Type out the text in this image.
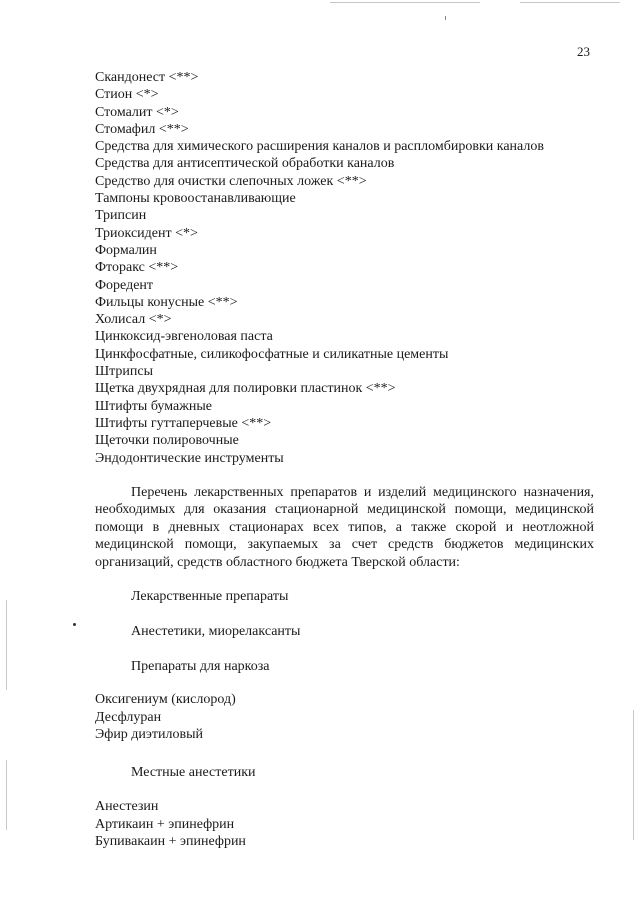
23
Скандонест <**>
Стион <*>
Стомалит <*>
Стомафил <**>
Средства для химического расширения каналов и распломбировки каналов
Средства для антисептической обработки каналов
Средство для очистки слепочных ложек <**>
Тампоны кровоостанавливающие
Трипсин
Триоксидент <*>
Формалин
Фторакс <**>
Форедент
Фильцы конусные <**>
Холисал <*>
Цинкоксид-эвгеноловая паста
Цинкфосфатные, силикофосфатные и силикатные цементы
Штрипсы
Щетка двухрядная для полировки пластинок <**>
Штифты бумажные
Штифты гуттаперчевые <**>
Щеточки полировочные
Эндодонтические инструменты

Перечень лекарственных препаратов и изделий медицинского назначения, необходимых для оказания стационарной медицинской помощи, медицинской помощи в дневных стационарах всех типов, а также скорой и неотложной медицинской помощи, закупаемых за счет средств бюджетов медицинских организаций, средств областного бюджета Тверской области:

Лекарственные препараты
Анестетики, миорелаксанты
Препараты для наркоза
Оксигениум (кислород)
Десфлуран
Эфир диэтиловый
Местные анестетики
Анестезин
Артикаин + эпинефрин
Бупивакаин + эпинефрин
